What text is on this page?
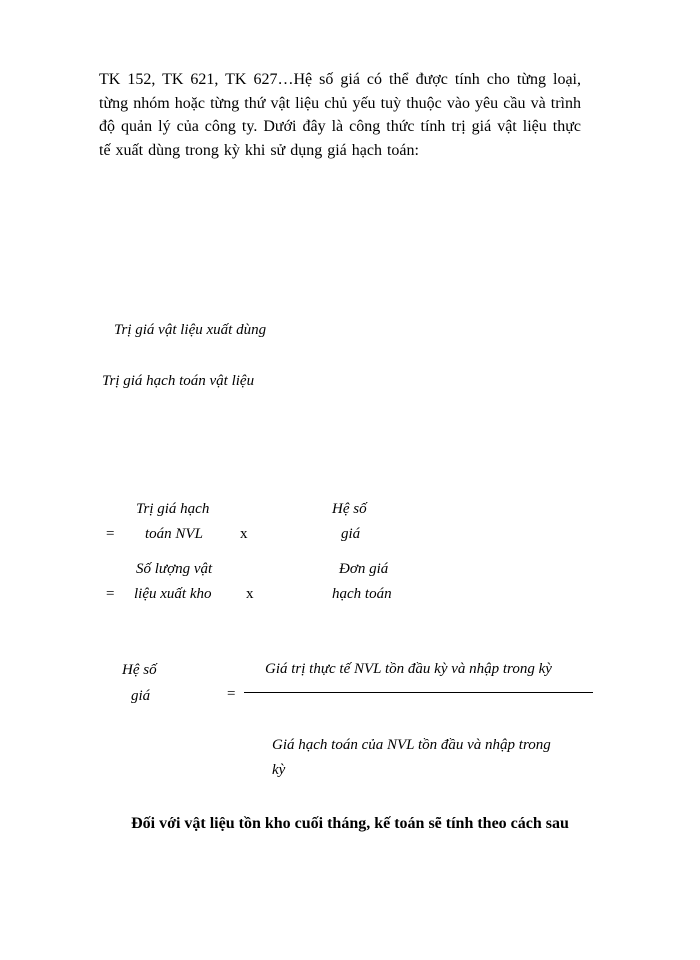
TK 152, TK 621, TK 627…Hệ số giá có thể được tính cho từng loại, từng nhóm hoặc từng thứ vật liệu chủ yếu tuỳ thuộc vào yêu cầu và trình độ quản lý của công ty. Dưới đây là công thức tính trị giá vật liệu thực tế xuất dùng trong kỳ khi sử dụng giá hạch toán:
Trị giá vật liệu xuất dùng
Trị giá hạch toán vật liệu
=
Trị giá hạch
toán NVL x
Hệ số
giá
=
Số lượng vật
liệu xuất kho x
Đơn giá
hạch toán
Hệ số
giá	=
Giá trị thực tế NVL tồn đầu kỳ và nhập trong kỳ
Giá hạch toán của NVL tồn đầu và nhập trong
kỳ
Đối với vật liệu tồn kho cuối tháng, kế toán sẽ tính theo cách sau
